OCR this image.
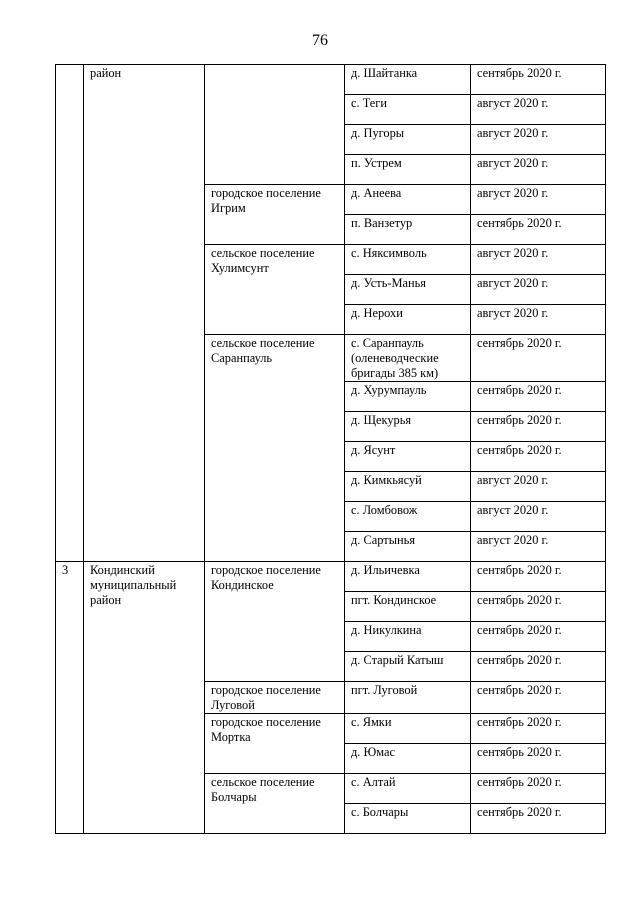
76
	район		д. Шайтанка	сентябрь 2020 г.
			с. Теги	август 2020 г.
			д. Пугоры	август 2020 г.
			п. Устрем	август 2020 г.
		городское поселение Игрим	д. Анеева	август 2020 г.
			п. Ванзетур	сентябрь 2020 г.
		сельское поселение Хулимсунт	с. Няксимволь	август 2020 г.
			д. Усть-Манья	август 2020 г.
			д. Нерохи	август 2020 г.
		сельское поселение Саранпауль	с. Саранпауль (оленеводческие бригады 385 км)	сентябрь 2020 г.
			д. Хурумпауль	сентябрь 2020 г.
			д. Щекурья	сентябрь 2020 г.
			д. Ясунт	сентябрь 2020 г.
			д. Кимкьясуй	август 2020 г.
			с. Ломбовож	август 2020 г.
			д. Сартынья	август 2020 г.
3	Кондинский муниципальный район	городское поселение Кондинское	д. Ильичевка	сентябрь 2020 г.
			пгт. Кондинское	сентябрь 2020 г.
			д. Никулкина	сентябрь 2020 г.
			д. Старый Катыш	сентябрь 2020 г.
		городское поселение Луговой	пгт. Луговой	сентябрь 2020 г.
		городское поселение Мортка	с. Ямки	сентябрь 2020 г.
			д. Юмас	сентябрь 2020 г.
		сельское поселение Болчары	с. Алтай	сентябрь 2020 г.
			с. Болчары	сентябрь 2020 г.
